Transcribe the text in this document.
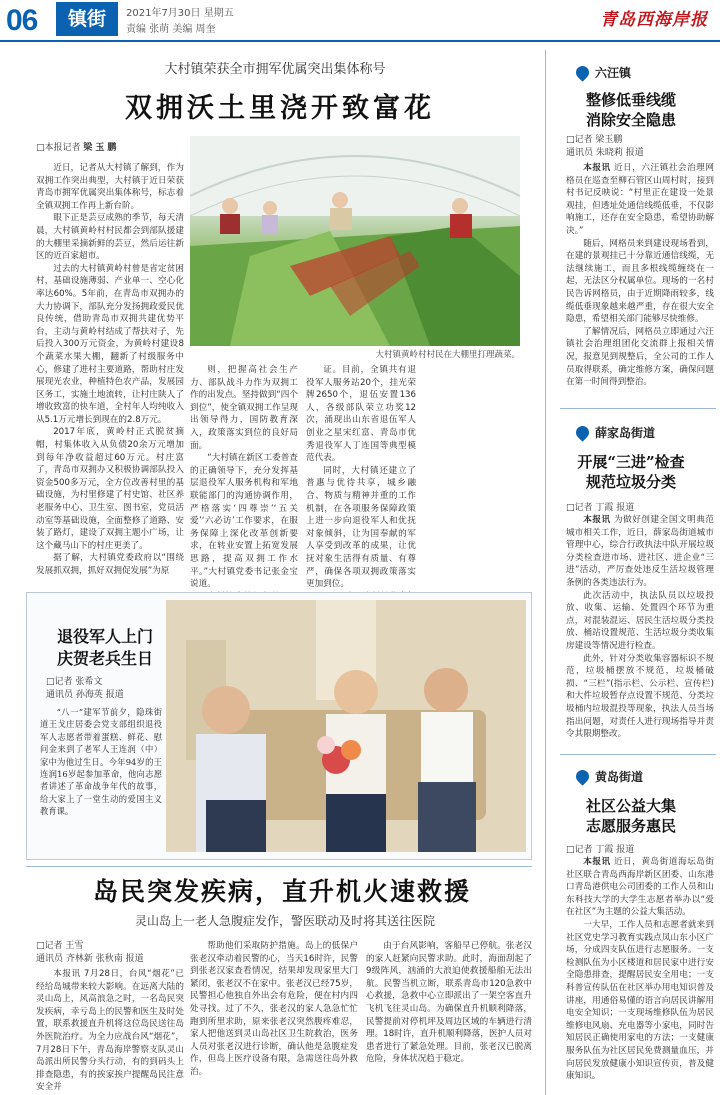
06	镇街	2021年7月30日 星期五
责编 张萌 美编 周奎	青岛西海岸报
大村镇荣获全市拥军优属突出集体称号
双拥沃土里浇开致富花
□本报记者 梁玉鹏

近日，记者从大村镇了解到，作为双拥工作突出典型，大村镇于近日荣获青岛市拥军优属突出集体称号，标志着全镇双拥工作再上新台阶。

眼下正是芸豆成熟的季节，每天清晨，大村镇黄岭村村民都会到部队援建的大棚里采摘新鲜的芸豆，然后运往新区的近百家超市。

过去的大村镇黄岭村曾是省定贫困村，基础设施薄弱、产业单一、空心化率达60%。5年前，在青岛市双拥办的大力协调下，部队充分发扬拥政爱民优良传统，借助青岛市双拥共建优势平台，主动与黄岭村结成了帮扶对子，先后投入300万元资金，为黄岭村建设8个蔬菜水果大棚，翻新了村级服务中心，修建了进村主要道路，帮助村庄发展现光农业，种植特色农产品，发展园区务工，实施土地流转，让村庄陕人了增收致富的快车道，全村年人均纯收入从5.1万元增长到现在的2.8万元。

2017年底，黄岭村正式脱贫摘帽，村集体收入从负债20余万元增加到每年净收益超过60万元。村庄富了，青岛市双拥办又积极协调部队投入资金500多万元，全方位改善村里的基础设施，为村里修建了村史馆、社区养老服务中心、卫生室、图书室，党员活动室等基础设施，全面整修了道路、安装了路灯，建设了双拥主题小广场，让这个藏马山下的村庄更美了。

据了解，大村镇党委政府以“围绕发展抓双拥，抓好双拥促发展”为原

大村镇黄岭村村民在大棚里打理蔬菜。

则，把握高社会生产力、部队战斗力作为双拥工作的出发点。坚持做到“四个到位”，使全镇双拥工作呈现出领导得力，国防教育深入，政策落实到位的良好局面。

“大村镇在新区工委普查的正确领导下，充分发挥基层退役军人服务机构和军地联能部门的沟通协调作用，严格落实‘四尊崇’‘五关爱’‘六必访’工作要求，在服务保障上深化改革创新要求，在转业安置上拓宽发展思路，提高双拥工作水平。”大村镇党委书记张金宝说道。

证。目前，全镇共有退役军人服务站20个，挂光荣牌2650个，退伍安置136人，各级部队荣立功奖12次，涌现出山东省退伍军人创业之星宋红富、青岛市优秀退役军人丁连国等典型模范代表。

同时，大村镇还建立了普惠与优待共享，城乡融合、物质与精神并重的工作机制，在各项服务保障政策上进一步向退役军人和优抚对象倾斜，让为国奉献的军人享受到改革的成果，让优抚对象生活得有质量、有尊严，确保各项双拥政策落实更加到位。

退役军人上门
庆贺老兵生日
□记者 张希文
通讯员 孙海英 报道

“八一”建军节前夕，隐珠街道王戈庄居委会党支部组织退役军人志愿者带着蛋糕、鲜花、慰问金来到了老军人王连润（中）家中为他过生日。今年94岁的王连润16岁起参加革命，他向志愿者讲述了革命战争年代的故事，给大家上了一堂生动的爱国主义教育课。

岛民突发疾病，直升机火速救援
灵山岛上一老人急腹症发作，警医联动及时将其送往医院
□记者 王雪
通讯员 齐林新 张秋南 报道

本报讯 7月28日，台风“烟花”已经给岛城带来较大影响。在远离大陆的灵山岛上，风高浪急之时，一名岛民突发疾病，幸亏岛上的民警和医生及时处置，联系救援直升机将这位岛民送往岛外医院治疗。为全力应战台风“烟花”，7月28日下午，青岛海岸警察支队灵山岛派出所民警分头行动，有的到码头上排查隐患，有的挨家挨户提醒岛民注意安全并

帮助他们采取防护措施。岛上的低保户张老汉牵动着民警的心，当天16时许，民警到张老汉家查看情况，结果却发现家里大门紧闭，张老汉不在家中。张老汉已经75岁，民警担心他独自外出会有危险，便在村内四处寻找。过了不久，张老汉的家人急急忙忙跑到所里求助，原来张老汉突然腹疼难忍，家人把他送到灵山岛社区卫生院救治，医务人员对张老汉进行诊断，确认他是急腹症发作，但岛上医疗设备有限，急需送往岛外救治。

由于台风影响，客船早已停航。张老汉的家人赶紧向民警求助。此时，海面刮起了9级阵风，汹涌的大浪迫使救援船舶无法出航。民警当机立断，联系青岛市120急救中心救援，急救中心立即派出了一架空客直升飞机飞往灵山岛。为确保直升机顺利降落，民警提前对停机坪及周边区域的车辆进行清理。18时许，直升机顺利降落，医护人员对患者进行了紧急处理。目前，张老汉已脱离危险，身体状况趋于稳定。

六汪镇
整修低垂线缆
消除安全隐患
□记者 梁玉鹏
通讯员 朱晓莉 报道

本报讯 近日，六汪镇社会治理网格员在巡查至柳石管区山周村时，接到村书记反映说：“村里正在建设一处景观挂，但透址处通信线缆低垂，不仅影响施工，还存在安全隐患，希望协助解决。”

随后，网格员来到建设现场看到，在建的景观挂已十分靠近通信线缆，无法继续施工，而且多根线缆缠绕在一起，无法区分权属单位。现场的一名村民告诉网格员，由于近期降雨较多，线缆低垂现象越来越严重，存在很大安全隐患，希望相关部门能够尽快维修。

了解情况后，网格员立即通过六汪镇社会治理组团化交流群上报相关情况，报意见到规整后，全公司的工作人员取得联系，确定维修方案，确保问题在第一时间得到整治。

薛家岛街道
开展“三进”检查
规范垃圾分类
□记者 丁霞 报道

本报讯 为做好创建全国文明典范城市相关工作，近日，薛家岛街道城市管理中心，综合行政执法中队开展垃圾分类检查进市场、进社区、进企业“三进”活动，严厉查处违反生活垃圾管理条例的各类违法行为。

此次活动中，执法队员以垃圾投放、收集、运输、处置四个环节为重点，对混装混运、居民生活垃圾分类投放、桶站设置规范、生活垃圾分类收集房建设等情况进行检查。

此外，针对分类收集容器标识不规范，垃圾桶摆放不规范，垃圾桶破损、“三栏”(指示栏、公示栏、宣传栏)和大件垃圾暂存点设置不规范、分类垃圾桶内垃圾混投等现象，执法人员当场指出问题，对责任人进行现场指导并责令其限期整改。

黄岛街道
社区公益大集
志愿服务惠民
□记者 丁霞 报道

本报讯 近日，黄岛街道海坛岛街社区联合青岛西海岸新区团委、山东港口青岛港供电公司团委的工作人员和山东科技大学的大学生志愿者举办以“爱在社区”为主题的公益大集活动。

一大早，工作人员和志愿者就来到社区党史学习教育实践点凤山东小区广场，分成四支队伍进行志愿服务。一支检测队伍为小区楼道和居民家中进行安全隐患排查，提醒居民安全用电；一支科普宣传队伍在社区举办用电知识普及讲座，用通俗易懂的语言向居民讲解用电安全知识；一支现场维修队伍为居民维修电风扇、充电器等小家电，同时告知居民正确使用家电的方法；一支健康服务队伍为社区居民免费测量血压，并向居民发放健康小知识宣传页，普及健康知识。
